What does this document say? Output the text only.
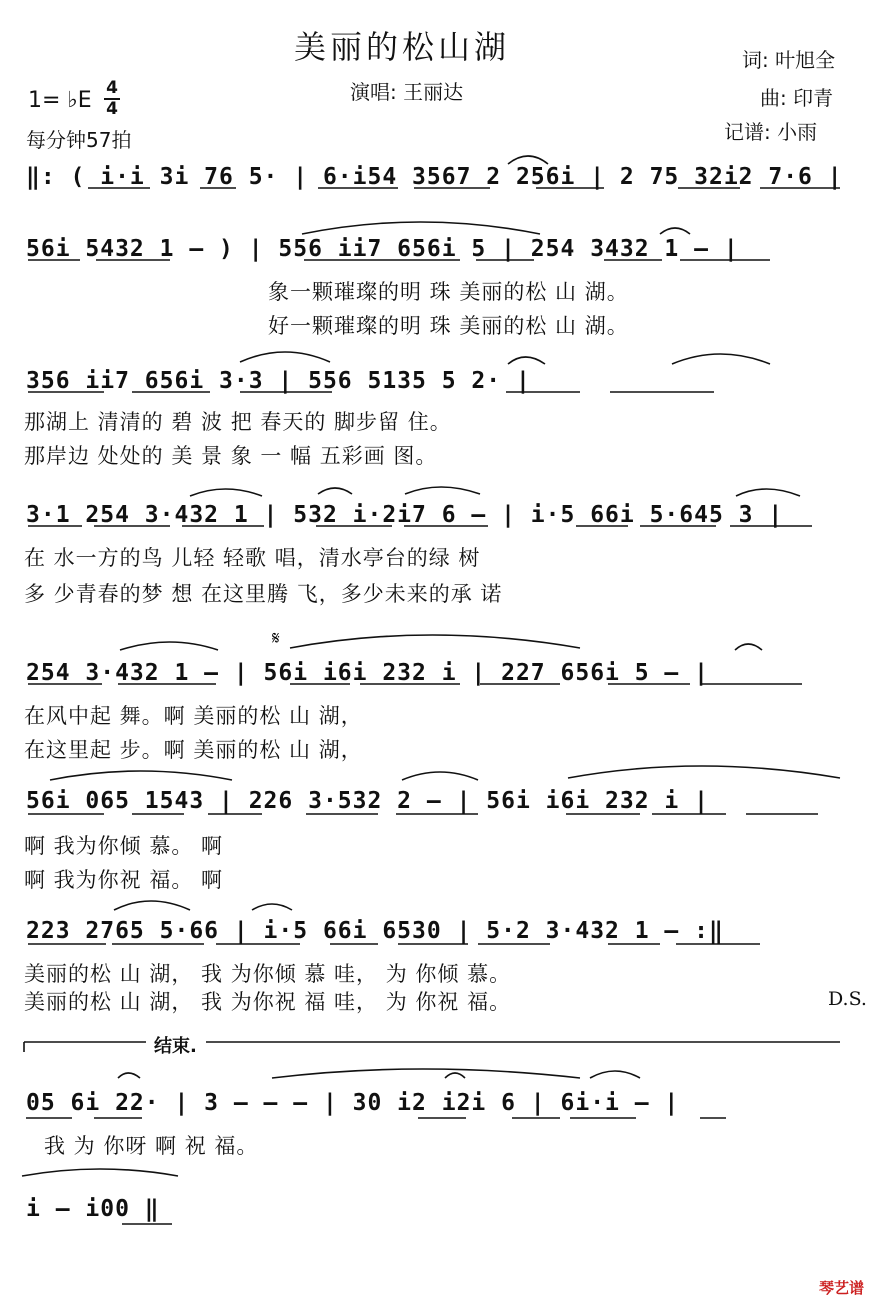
𝄋
美丽的松山湖
演唱: 王丽达
词: 叶旭全
曲: 印青
记谱: 小雨
1= ♭E 4
4
每分钟57拍
‖: ( i·i 3i 76 5· | 6·i54 3567 2 256i | 2 75 32i2 7·6 |
56i 5432 1 – ) | 556 ii7 656i 5 | 254 3432 1 – |
象一颗璀璨的明 珠 美丽的松 山 湖。
好一颗璀璨的明 珠 美丽的松 山 湖。
356 ii7 656i 3·3 | 556 5135 5 2· |
那湖上 清清的 碧 波 把 春天的 脚步留 住。
那岸边 处处的 美 景 象 一 幅 五彩画 图。
3·1 254 3·432 1 | 532 i·2i7 6 – | i·5 66i 5·645 3 |
在 水一方的鸟 儿轻 轻歌 唱，清水亭台的绿 树
多 少青春的梦 想 在这里腾 飞，多少未来的承 诺
254 3·432 1 – | 56i i6i 232 i | 227 656i 5 – |
在风中起 舞。啊 美丽的松 山 湖，
在这里起 步。啊 美丽的松 山 湖，
56i 065 1543 | 226 3·532 2 – | 56i i6i 232 i |
啊 我为你倾 慕。 啊
啊 我为你祝 福。 啊
223 2765 5·66 | i·5 66i 6530 | 5·2 3·432 1 – :‖
美丽的松 山 湖， 我 为你倾 慕 哇， 为 你倾 慕。
美丽的松 山 湖， 我 为你祝 福 哇， 为 你祝 福。	D.S.
结束.
05 6i 22· | 3 – – – | 30 i2 i2i 6 | 6i·i – |
我 为 你呀 啊 祝 福。
i – i00 ‖
琴艺谱
